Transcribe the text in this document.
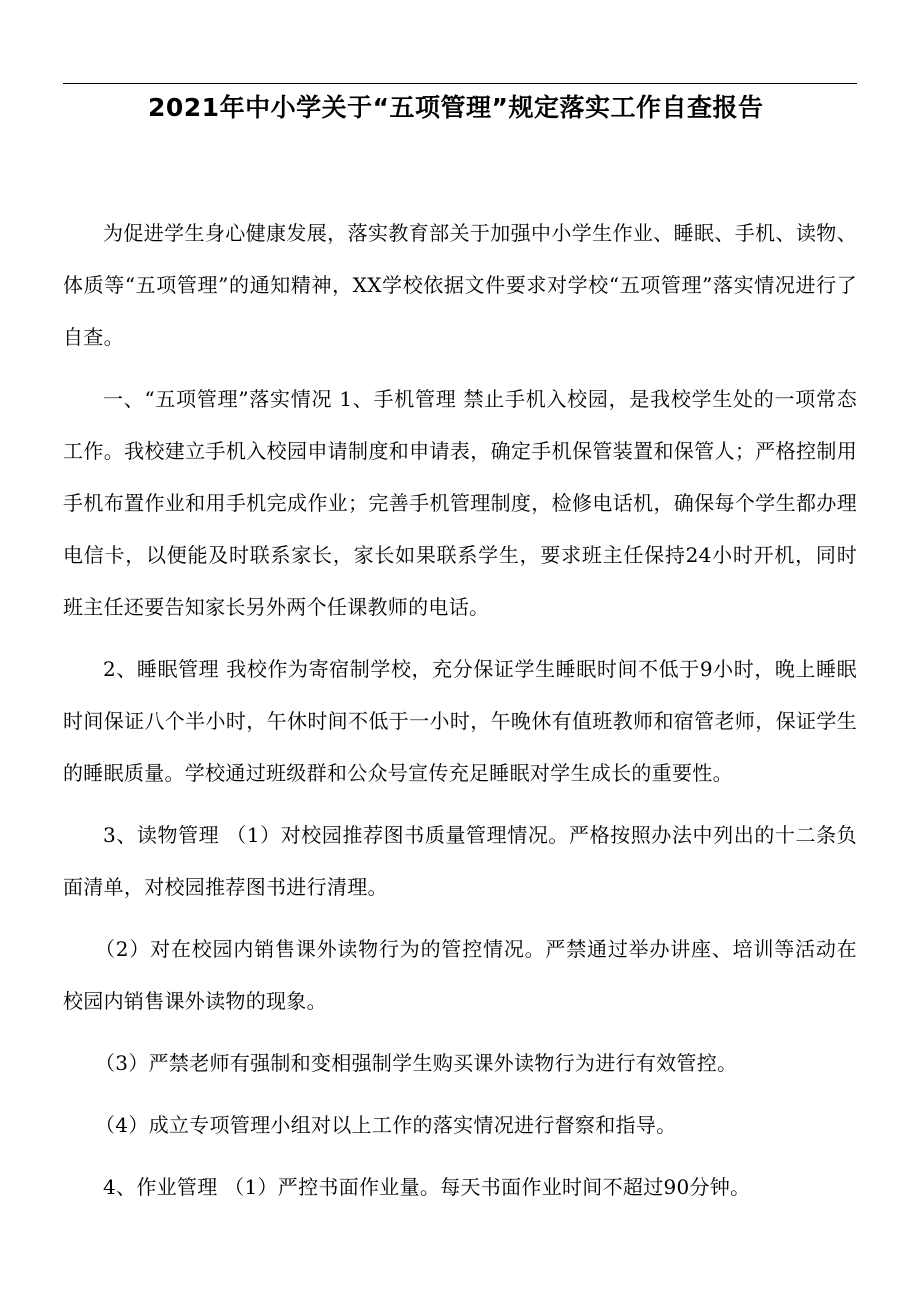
2021年中小学关于“五项管理”规定落实工作自查报告

为促进学生身心健康发展，落实教育部关于加强中小学生作业、睡眠、手机、读物、体质等“五项管理”的通知精神，XX学校依据文件要求对学校“五项管理”落实情况进行了自查。

一、“五项管理”落实情况 1、手机管理 禁止手机入校园，是我校学生处的一项常态工作。我校建立手机入校园申请制度和申请表，确定手机保管装置和保管人；严格控制用手机布置作业和用手机完成作业；完善手机管理制度，检修电话机，确保每个学生都办理电信卡，以便能及时联系家长，家长如果联系学生，要求班主任保持24小时开机，同时班主任还要告知家长另外两个任课教师的电话。

2、睡眠管理 我校作为寄宿制学校，充分保证学生睡眠时间不低于9小时，晚上睡眠时间保证八个半小时，午休时间不低于一小时，午晚休有值班教师和宿管老师，保证学生的睡眠质量。学校通过班级群和公众号宣传充足睡眠对学生成长的重要性。

3、读物管理 （1）对校园推荐图书质量管理情况。严格按照办法中列出的十二条负面清单，对校园推荐图书进行清理。

（2）对在校园内销售课外读物行为的管控情况。严禁通过举办讲座、培训等活动在校园内销售课外读物的现象。

（3）严禁老师有强制和变相强制学生购买课外读物行为进行有效管控。

（4）成立专项管理小组对以上工作的落实情况进行督察和指导。

4、作业管理 （1）严控书面作业量。每天书面作业时间不超过90分钟。
